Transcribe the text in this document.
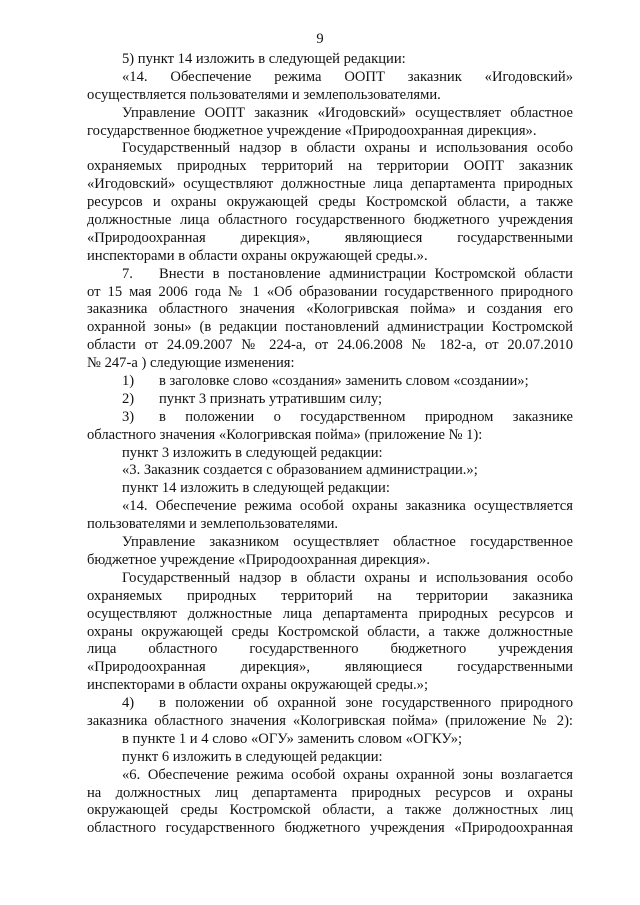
9
5) пункт 14 изложить в следующей редакции:
«14. Обеспечение режима ООПТ заказник «Игодовский»
осуществляется пользователями и землепользователями.
Управление ООПТ заказник «Игодовский» осуществляет областное
государственное бюджетное учреждение «Природоохранная дирекция».
Государственный надзор в области охраны и использования особо
охраняемых природных территорий на территории ООПТ заказник
«Игодовский» осуществляют должностные лица департамента природных
ресурсов и охраны окружающей среды Костромской области, а также
должностные лица областного государственного бюджетного учреждения
«Природоохранная дирекция», являющиеся государственными
инспекторами в области охраны окружающей среды.».
7. Внести в постановление администрации Костромской области
от 15 мая 2006 года № 1 «Об образовании государственного природного
заказника областного значения «Кологривская пойма» и создания его
охранной зоны» (в редакции постановлений администрации Костромской
области от 24.09.2007 № 224-а, от 24.06.2008 № 182-а, от 20.07.2010
№ 247-а ) следующие изменения:
1) в заголовке слово «создания» заменить словом «создании»;
2) пункт 3 признать утратившим силу;
3) в положении о государственном природном заказнике
областного значения «Кологривская пойма» (приложение № 1):
пункт 3 изложить в следующей редакции:
«3. Заказник создается с образованием администрации.»;
пункт 14 изложить в следующей редакции:
«14. Обеспечение режима особой охраны заказника осуществляется
пользователями и землепользователями.
Управление заказником осуществляет областное государственное
бюджетное учреждение «Природоохранная дирекция».
Государственный надзор в области охраны и использования особо
охраняемых природных территорий на территории заказника
осуществляют должностные лица департамента природных ресурсов и
охраны окружающей среды Костромской области, а также должностные
лица областного государственного бюджетного учреждения
«Природоохранная дирекция», являющиеся государственными
инспекторами в области охраны окружающей среды.»;
4) в положении об охранной зоне государственного природного
заказника областного значения «Кологривская пойма» (приложение № 2):
в пункте 1 и 4 слово «ОГУ» заменить словом «ОГКУ»;
пункт 6 изложить в следующей редакции:
«6. Обеспечение режима особой охраны охранной зоны возлагается
на должностных лиц департамента природных ресурсов и охраны
окружающей среды Костромской области, а также должностных лиц
областного государственного бюджетного учреждения «Природоохранная
